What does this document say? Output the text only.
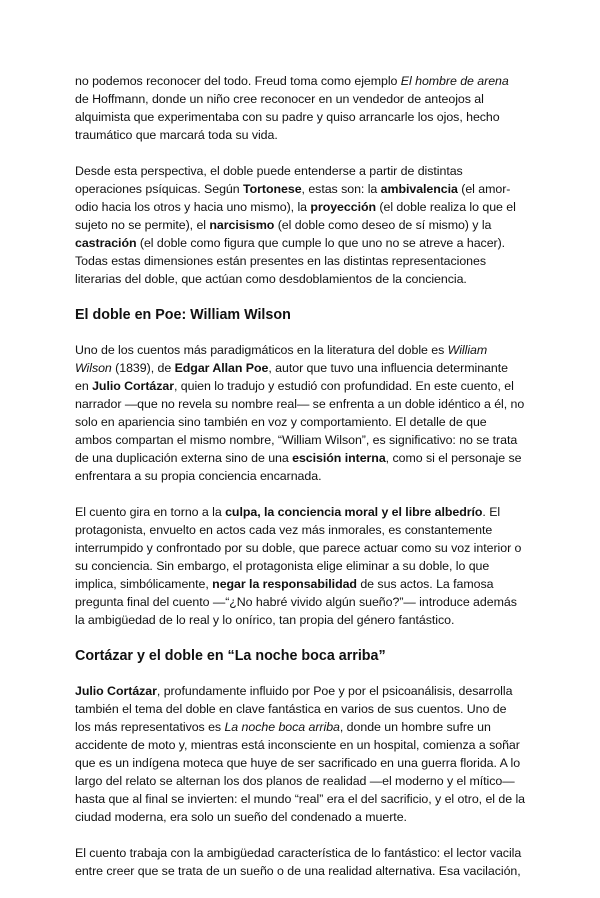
no podemos reconocer del todo. Freud toma como ejemplo El hombre de arena de Hoffmann, donde un niño cree reconocer en un vendedor de anteojos al alquimista que experimentaba con su padre y quiso arrancarle los ojos, hecho traumático que marcará toda su vida.

Desde esta perspectiva, el doble puede entenderse a partir de distintas operaciones psíquicas. Según Tortonese, estas son: la ambivalencia (el amor-odio hacia los otros y hacia uno mismo), la proyección (el doble realiza lo que el sujeto no se permite), el narcisismo (el doble como deseo de sí mismo) y la castración (el doble como figura que cumple lo que uno no se atreve a hacer). Todas estas dimensiones están presentes en las distintas representaciones literarias del doble, que actúan como desdoblamientos de la conciencia.

El doble en Poe: William Wilson

Uno de los cuentos más paradigmáticos en la literatura del doble es William Wilson (1839), de Edgar Allan Poe, autor que tuvo una influencia determinante en Julio Cortázar, quien lo tradujo y estudió con profundidad. En este cuento, el narrador —que no revela su nombre real— se enfrenta a un doble idéntico a él, no solo en apariencia sino también en voz y comportamiento. El detalle de que ambos compartan el mismo nombre, “William Wilson”, es significativo: no se trata de una duplicación externa sino de una escisión interna, como si el personaje se enfrentara a su propia conciencia encarnada.

El cuento gira en torno a la culpa, la conciencia moral y el libre albedrío. El protagonista, envuelto en actos cada vez más inmorales, es constantemente interrumpido y confrontado por su doble, que parece actuar como su voz interior o su conciencia. Sin embargo, el protagonista elige eliminar a su doble, lo que implica, simbólicamente, negar la responsabilidad de sus actos. La famosa pregunta final del cuento —“¿No habré vivido algún sueño?”— introduce además la ambigüedad de lo real y lo onírico, tan propia del género fantástico.

Cortázar y el doble en “La noche boca arriba”

Julio Cortázar, profundamente influido por Poe y por el psicoanálisis, desarrolla también el tema del doble en clave fantástica en varios de sus cuentos. Uno de los más representativos es La noche boca arriba, donde un hombre sufre un accidente de moto y, mientras está inconsciente en un hospital, comienza a soñar que es un indígena moteca que huye de ser sacrificado en una guerra florida. A lo largo del relato se alternan los dos planos de realidad —el moderno y el mítico— hasta que al final se invierten: el mundo “real” era el del sacrificio, y el otro, el de la ciudad moderna, era solo un sueño del condenado a muerte.

El cuento trabaja con la ambigüedad característica de lo fantástico: el lector vacila entre creer que se trata de un sueño o de una realidad alternativa. Esa vacilación,
